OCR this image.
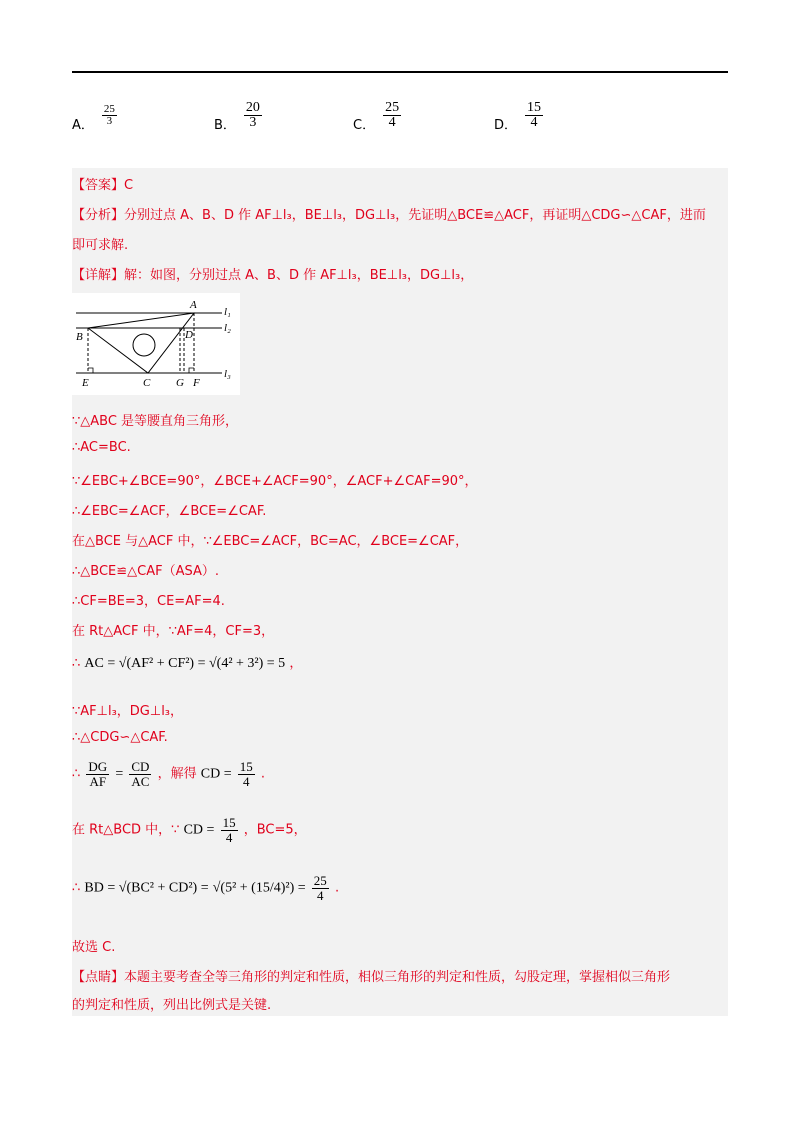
A． $\frac{25}{3}$	B． $\frac{20}{3}$	C． $\frac{25}{4}$	D． $\frac{15}{4}$
【答案】C
【分析】分别过点 A、B、D 作 AF⊥l₃，BE⊥l₃，DG⊥l₃，先证明△BCE≌△ACF，再证明△CDG∽△CAF，进而
即可求解.
【详解】解：如图，分别过点 A、B、D 作 AF⊥l₃，BE⊥l₃，DG⊥l₃，
A
B
C
D
E	F
G
l₁
l₂
l₃
∵△ABC 是等腰直角三角形，
∴AC=BC.
∵∠EBC+∠BCE=90°，∠BCE+∠ACF=90°，∠ACF+∠CAF=90°，
∴∠EBC=∠ACF，∠BCE=∠CAF.
在△BCE 与△ACF 中，∵∠EBC=∠ACF，BC=AC，∠BCE=∠CAF，
∴△BCE≌△CAF（ASA）.
∴CF=BE=3，CE=AF=4.
在 Rt△ACF 中，∵AF=4，CF=3，
∴ AC = √(AF² + CF²) = √(4² + 3²) = 5 ，
∵AF⊥l₃，DG⊥l₃，
∴△CDG∽△CAF.
∴ $\frac{DG}{AF} = \frac{CD}{AC}$ ，解得 CD = $\frac{15}{4}$ .
在 Rt△BCD 中，∵ CD = $\frac{15}{4}$ ，BC=5，
∴ BD = $√(BC^2 + CD^2) = √(5^2 + (15/4)^2) = \frac{25}{4}$ .
故选 C.
【点睛】本题主要考查全等三角形的判定和性质，相似三角形的判定和性质，勾股定理，掌握相似三角形
的判定和性质，列出比例式是关键.
